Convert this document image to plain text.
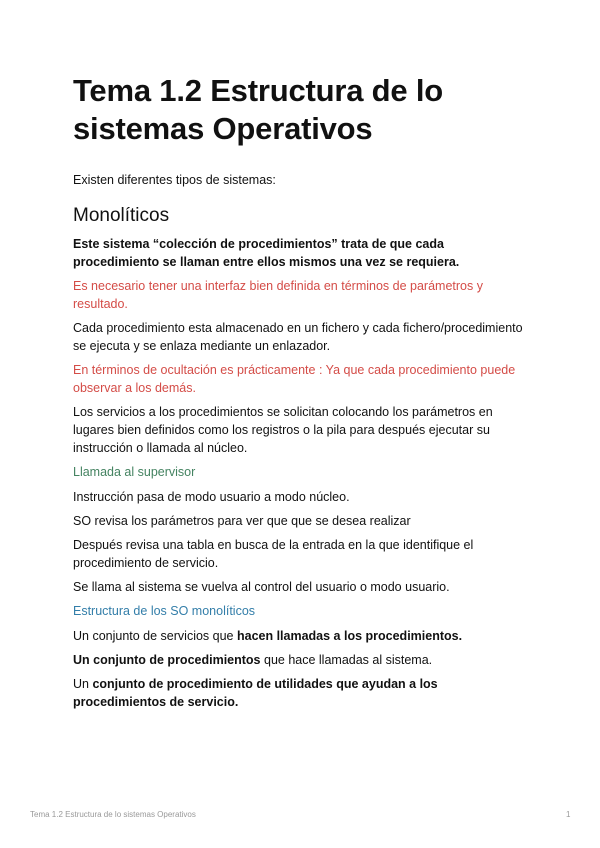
Tema 1.2 Estructura de lo sistemas Operativos
Existen diferentes tipos de sistemas:
Monolíticos
Este sistema “colección de procedimientos” trata de que cada procedimiento se llaman entre ellos mismos una vez se requiera.
Es necesario tener una interfaz bien definida en términos de parámetros y resultado.
Cada procedimiento esta almacenado en un fichero y cada fichero/procedimiento se ejecuta y se enlaza mediante un enlazador.
En términos de ocultación es prácticamente : Ya que cada procedimiento puede observar a los demás.
Los servicios a los procedimientos se solicitan colocando los parámetros en lugares bien definidos como los registros o la pila para después ejecutar su instrucción o llamada al núcleo.
Llamada al supervisor
Instrucción pasa de modo usuario a modo núcleo.
SO revisa los parámetros para ver que que se desea realizar
Después revisa una tabla en busca de la entrada en la que identifique el procedimiento de servicio.
Se llama al sistema se vuelva al control del usuario o modo usuario.
Estructura de los SO monolíticos
Un conjunto de servicios que hacen llamadas a los procedimientos.
Un conjunto de procedimientos que hace llamadas al sistema.
Un conjunto de procedimiento de utilidades que ayudan a los procedimientos de servicio.
Tema 1.2 Estructura de lo sistemas Operativos	1
